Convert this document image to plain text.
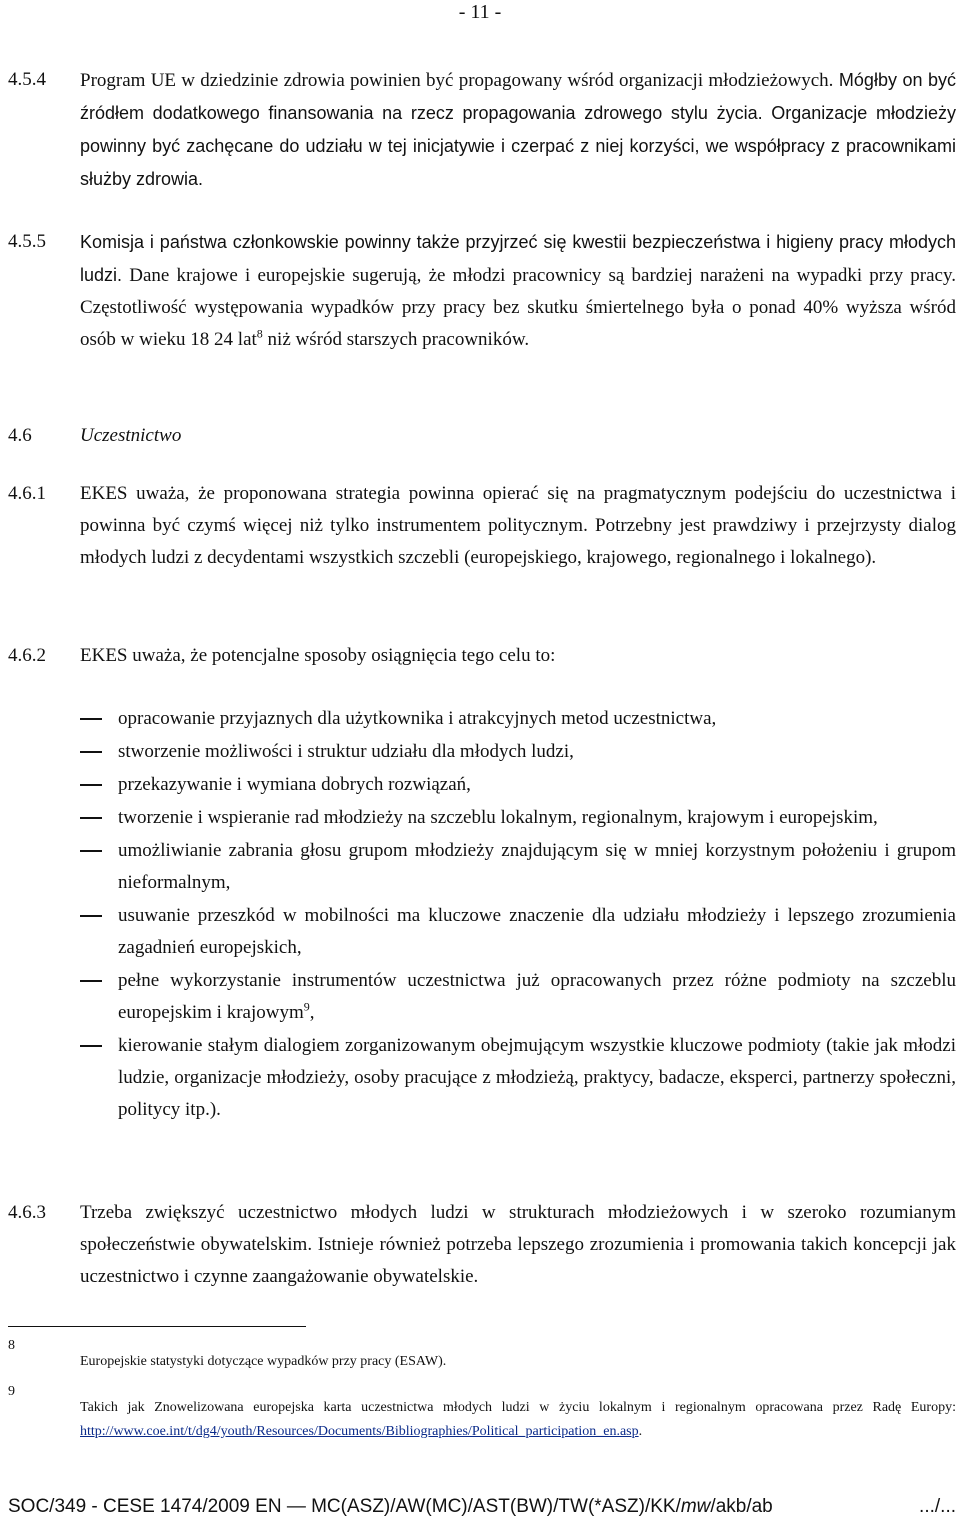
- 11 -
4.5.4 Program UE w dziedzinie zdrowia powinien być propagowany wśród organizacji młodzieżowych. Mógłby on być źródłem dodatkowego finansowania na rzecz propagowania zdrowego stylu życia. Organizacje młodzieży powinny być zachęcane do udziału w tej inicjatywie i czerpać z niej korzyści, we współpracy z pracownikami służby zdrowia.
4.5.5 Komisja i państwa członkowskie powinny także przyjrzeć się kwestii bezpieczeństwa i higieny pracy młodych ludzi. Dane krajowe i europejskie sugerują, że młodzi pracownicy są bardziej narażeni na wypadki przy pracy. Częstotliwość występowania wypadków przy pracy bez skutku śmiertelnego była o ponad 40% wyższa wśród osób w wieku 18 24 lat$^8$ niż wśród starszych pracowników.
4.6	Uczestnictwo
4.6.1 EKES uważa, że proponowana strategia powinna opierać się na pragmatycznym podejściu do uczestnictwa i powinna być czymś więcej niż tylko instrumentem politycznym. Potrzebny jest prawdziwy i przejrzysty dialog młodych ludzi z decydentami wszystkich szczebli (europejskiego, krajowego, regionalnego i lokalnego).
4.6.2 EKES uważa, że potencjalne sposoby osiągnięcia tego celu to:
opracowanie przyjaznych dla użytkownika i atrakcyjnych metod uczestnictwa,
stworzenie możliwości i struktur udziału dla młodych ludzi,
przekazywanie i wymiana dobrych rozwiązań,
tworzenie i wspieranie rad młodzieży na szczeblu lokalnym, regionalnym, krajowym i europejskim,
umożliwianie zabrania głosu grupom młodzieży znajdującym się w mniej korzystnym położeniu i grupom nieformalnym,
usuwanie przeszkód w mobilności ma kluczowe znaczenie dla udziału młodzieży i lepszego zrozumienia zagadnień europejskich,
pełne wykorzystanie instrumentów uczestnictwa już opracowanych przez różne podmioty na szczeblu europejskim i krajowym$^9$,
kierowanie stałym dialogiem zorganizowanym obejmującym wszystkie kluczowe podmioty (takie jak młodzi ludzie, organizacje młodzieży, osoby pracujące z młodzieżą, praktycy, badacze, eksperci, partnerzy społeczni, politycy itp.).
4.6.3 Trzeba zwiększyć uczestnictwo młodych ludzi w strukturach młodzieżowych i w szeroko rozumianym społeczeństwie obywatelskim. Istnieje również potrzeba lepszego zrozumienia i promowania takich koncepcji jak uczestnictwo i czynne zaangażowanie obywatelskie.
8
Europejskie statystyki dotyczące wypadków przy pracy (ESAW).
9
Takich jak Znowelizowana europejska karta uczestnictwa młodych ludzi w życiu lokalnym i regionalnym opracowana przez Radę Europy: http://www.coe.int/t/dg4/youth/Resources/Documents/Bibliographies/Political_participation_en.asp.
SOC/349 - CESE 1474/2009 EN — MC(ASZ)/AW(MC)/AST(BW)/TW(*ASZ)/KK/mw/akb/ab	.../...
